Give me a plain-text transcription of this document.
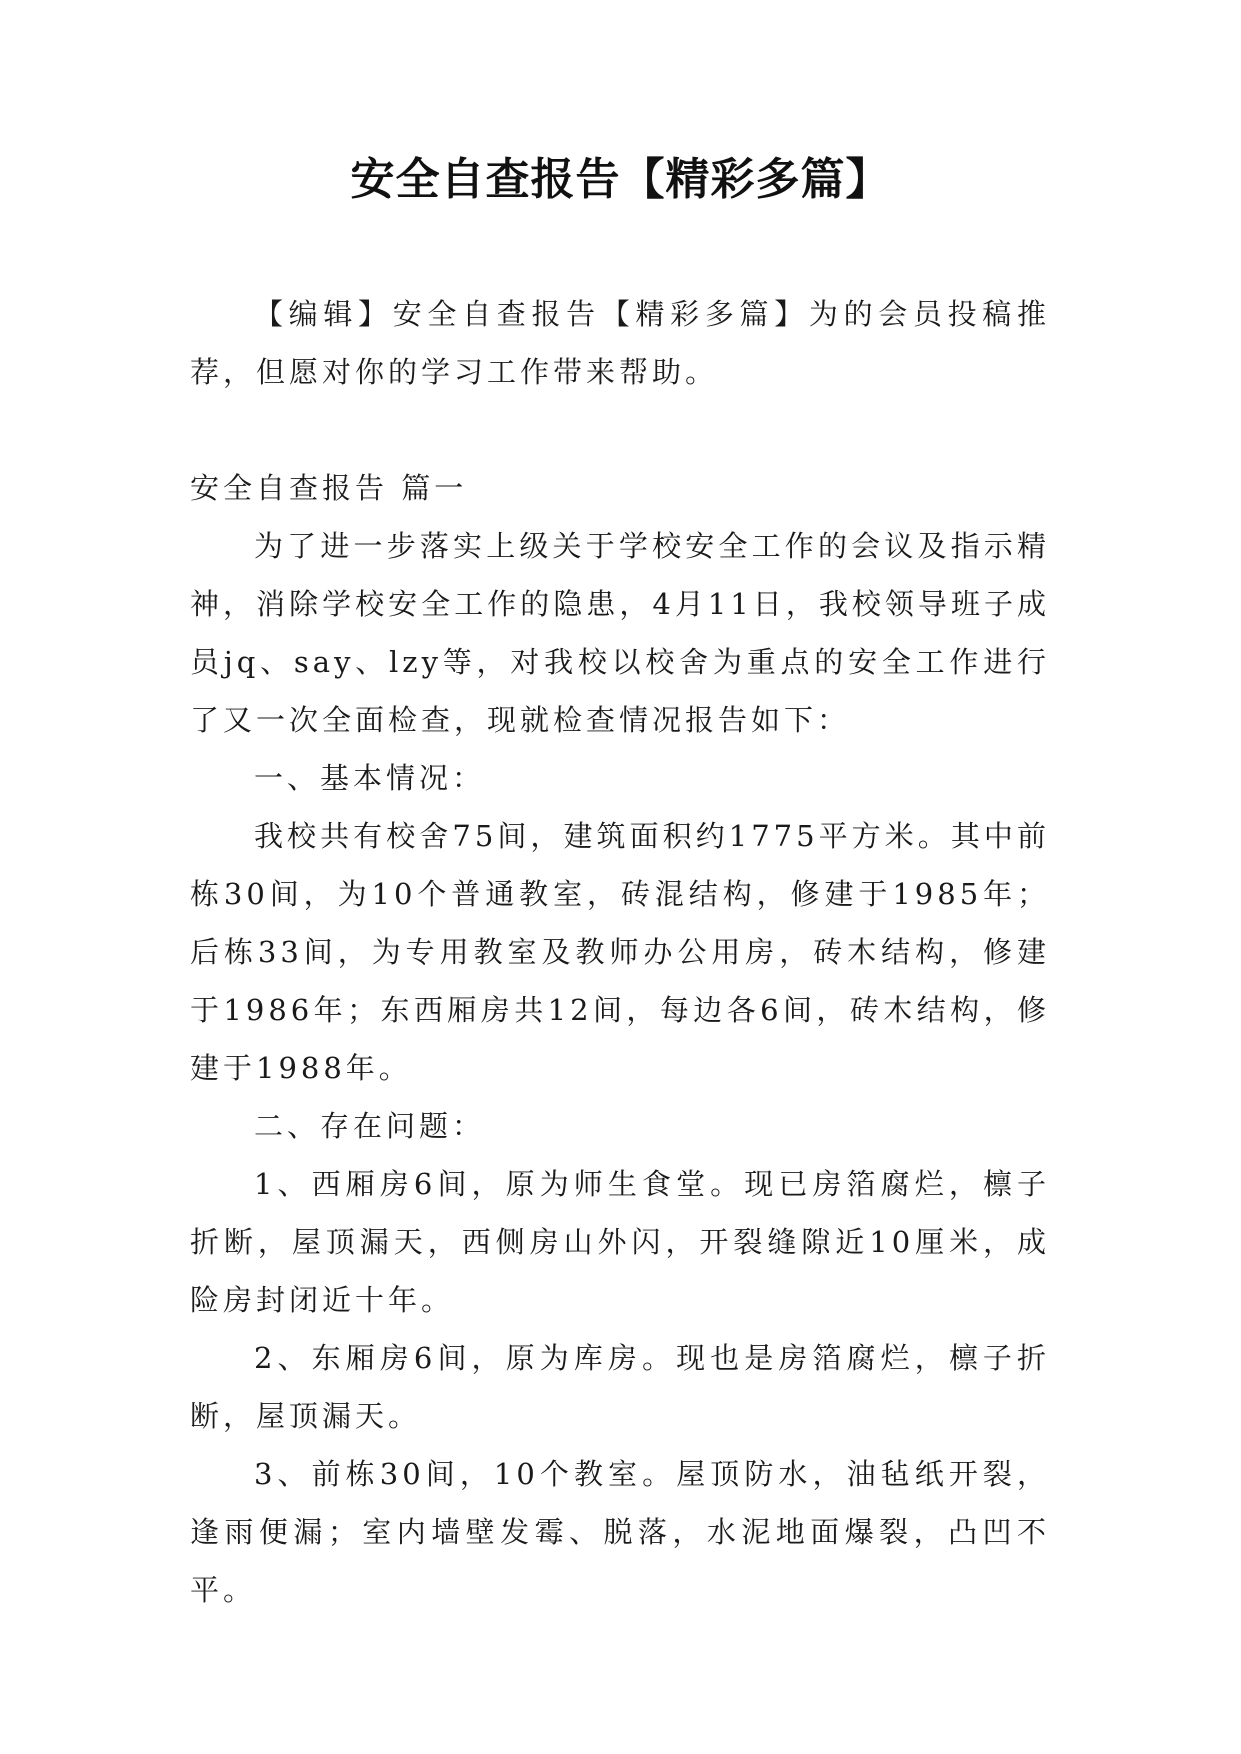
安全自查报告【精彩多篇】

【编辑】安全自查报告【精彩多篇】为的会员投稿推荐，但愿对你的学习工作带来帮助。

安全自查报告 篇一

为了进一步落实上级关于学校安全工作的会议及指示精神，消除学校安全工作的隐患，4月11日，我校领导班子成员jq、say、lzy等，对我校以校舍为重点的安全工作进行了又一次全面检查，现就检查情况报告如下：

一、基本情况：

我校共有校舍75间，建筑面积约1775平方米。其中前栋30间，为10个普通教室，砖混结构，修建于1985年；后栋33间，为专用教室及教师办公用房，砖木结构，修建于1986年；东西厢房共12间，每边各6间，砖木结构，修建于1988年。

二、存在问题：

1、西厢房6间，原为师生食堂。现已房箔腐烂，檩子折断，屋顶漏天，西侧房山外闪，开裂缝隙近10厘米，成险房封闭近十年。

2、东厢房6间，原为库房。现也是房箔腐烂，檩子折断，屋顶漏天。

3、前栋30间，10个教室。屋顶防水，油毡纸开裂，逢雨便漏；室内墙壁发霉、脱落，水泥地面爆裂，凸凹不平。
